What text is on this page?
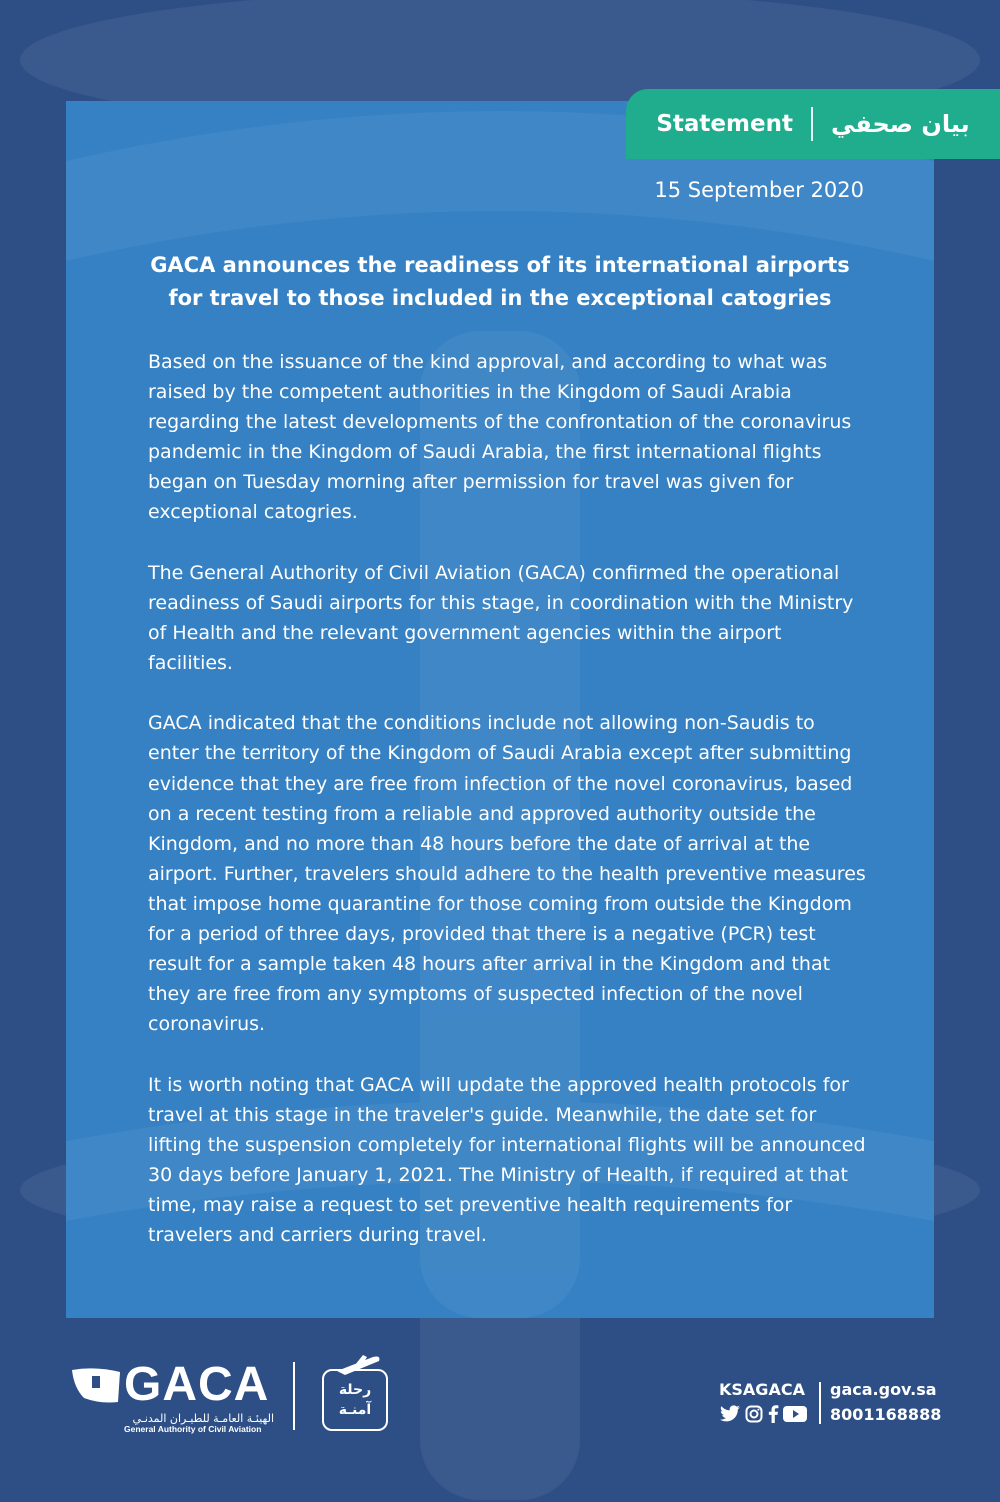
Statement بيان صحفي
15 September 2020
GACA announces the readiness of its international airports
for travel to those included in the exceptional catogries

Based on the issuance of the kind approval, and according to what was raised by the competent authorities in the Kingdom of Saudi Arabia regarding the latest developments of the confrontation of the coronavirus pandemic in the Kingdom of Saudi Arabia, the first international flights began on Tuesday morning after permission for travel was given for exceptional catogries.

The General Authority of Civil Aviation (GACA) confirmed the operational readiness of Saudi airports for this stage, in coordination with the Ministry of Health and the relevant government agencies within the airport facilities.

GACA indicated that the conditions include not allowing non-Saudis to enter the territory of the Kingdom of Saudi Arabia except after submitting evidence that they are free from infection of the novel coronavirus, based on a recent testing from a reliable and approved authority outside the Kingdom, and no more than 48 hours before the date of arrival at the airport. Further, travelers should adhere to the health preventive measures that impose home quarantine for those coming from outside the Kingdom for a period of three days, provided that there is a negative (PCR) test result for a sample taken 48 hours after arrival in the Kingdom and that they are free from any symptoms of suspected infection of the novel coronavirus.

It is worth noting that GACA will update the approved health protocols for travel at this stage in the traveler's guide. Meanwhile, the date set for lifting the suspension completely for international flights will be announced 30 days before January 1, 2021. The Ministry of Health, if required at that time, may raise a request to set preventive health requirements for travelers and carriers during travel.

GACA
الهيئـة العامـة للطيـران المدنـي
General Authority of Civil Aviation
رحلة
آمنـة
KSAGACA gaca.gov.sa
8001168888
